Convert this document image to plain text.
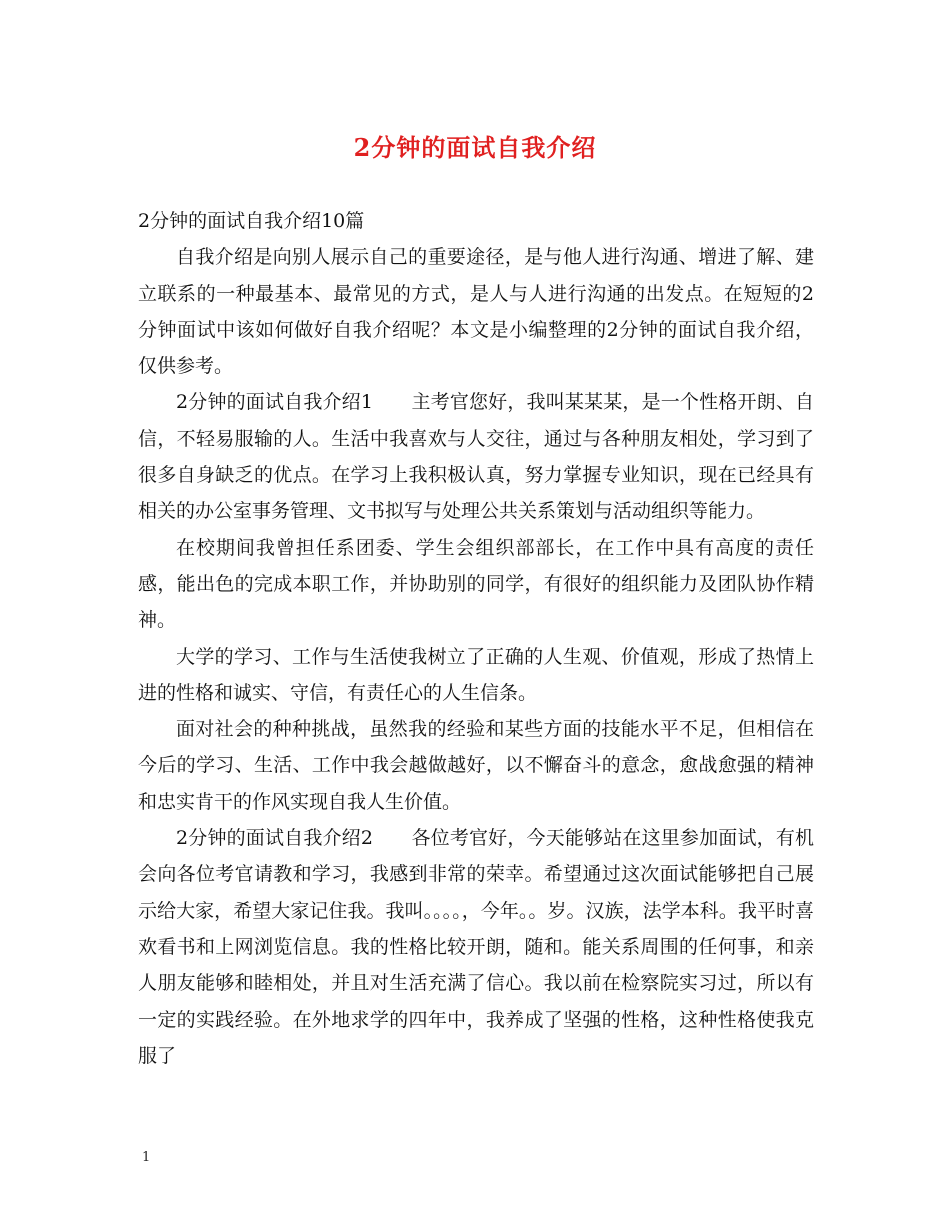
2分钟的面试自我介绍

2分钟的面试自我介绍10篇

自我介绍是向别人展示自己的重要途径，是与他人进行沟通、增进了解、建立联系的一种最基本、最常见的方式，是人与人进行沟通的出发点。在短短的2分钟面试中该如何做好自我介绍呢？本文是小编整理的2分钟的面试自我介绍，仅供参考。

2分钟的面试自我介绍1　　主考官您好，我叫某某某，是一个性格开朗、自信，不轻易服输的人。生活中我喜欢与人交往，通过与各种朋友相处，学习到了很多自身缺乏的优点。在学习上我积极认真，努力掌握专业知识，现在已经具有相关的办公室事务管理、文书拟写与处理公共关系策划与活动组织等能力。

在校期间我曾担任系团委、学生会组织部部长，在工作中具有高度的责任感，能出色的完成本职工作，并协助别的同学，有很好的组织能力及团队协作精神。

大学的学习、工作与生活使我树立了正确的人生观、价值观，形成了热情上进的性格和诚实、守信，有责任心的人生信条。

面对社会的种种挑战，虽然我的经验和某些方面的技能水平不足，但相信在今后的学习、生活、工作中我会越做越好，以不懈奋斗的意念，愈战愈强的精神和忠实肯干的作风实现自我人生价值。

2分钟的面试自我介绍2　　各位考官好，今天能够站在这里参加面试，有机会向各位考官请教和学习，我感到非常的荣幸。希望通过这次面试能够把自己展示给大家，希望大家记住我。我叫。。。。，今年。。岁。汉族，法学本科。我平时喜欢看书和上网浏览信息。我的性格比较开朗，随和。能关系周围的任何事，和亲人朋友能够和睦相处，并且对生活充满了信心。我以前在检察院实习过，所以有一定的实践经验。在外地求学的四年中，我养成了坚强的性格，这种性格使我克服了

1
